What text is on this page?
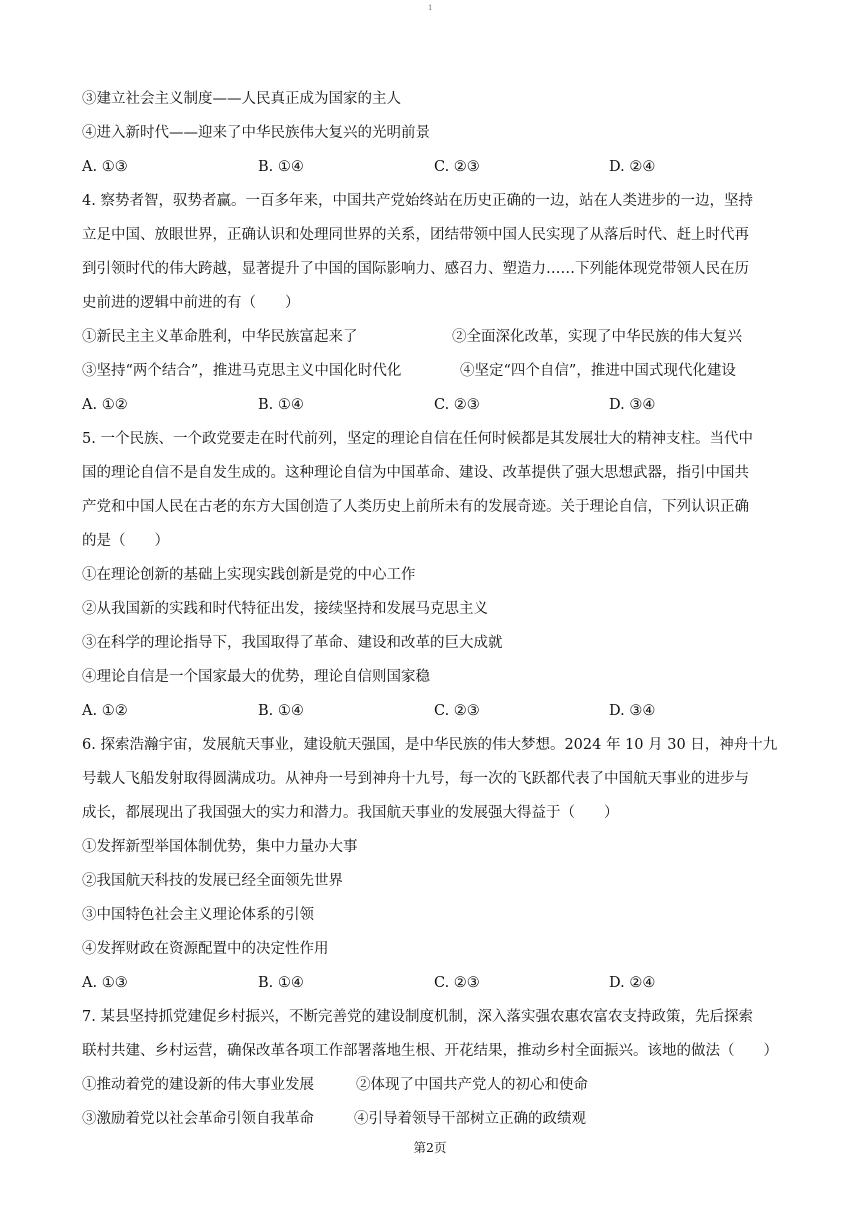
1
③建立社会主义制度——人民真正成为国家的主人
④进入新时代——迎来了中华民族伟大复兴的光明前景
A. ①③	B. ①④	C. ②③	D. ②④
4. 察势者智，驭势者赢。一百多年来，中国共产党始终站在历史正确的一边，站在人类进步的一边，坚持
立足中国、放眼世界，正确认识和处理同世界的关系，团结带领中国人民实现了从落后时代、赶上时代再
到引领时代的伟大跨越，显著提升了中国的国际影响力、感召力、塑造力……下列能体现党带领人民在历
史前进的逻辑中前进的有（　　）
①新民主主义革命胜利，中华民族富起来了	②全面深化改革，实现了中华民族的伟大复兴
③坚持“两个结合”，推进马克思主义中国化时代化	④坚定“四个自信”，推进中国式现代化建设
A. ①②	B. ①④	C. ②③	D. ③④
5. 一个民族、一个政党要走在时代前列，坚定的理论自信在任何时候都是其发展壮大的精神支柱。当代中
国的理论自信不是自发生成的。这种理论自信为中国革命、建设、改革提供了强大思想武器，指引中国共
产党和中国人民在古老的东方大国创造了人类历史上前所未有的发展奇迹。关于理论自信，下列认识正确
的是（　　）
①在理论创新的基础上实现实践创新是党的中心工作
②从我国新的实践和时代特征出发，接续坚持和发展马克思主义
③在科学的理论指导下，我国取得了革命、建设和改革的巨大成就
④理论自信是一个国家最大的优势，理论自信则国家稳
A. ①②	B. ①④	C. ②③	D. ③④
6. 探索浩瀚宇宙，发展航天事业，建设航天强国，是中华民族的伟大梦想。2024 年 10 月 30 日，神舟十九
号载人飞船发射取得圆满成功。从神舟一号到神舟十九号，每一次的飞跃都代表了中国航天事业的进步与
成长，都展现出了我国强大的实力和潜力。我国航天事业的发展强大得益于（　　）
①发挥新型举国体制优势，集中力量办大事
②我国航天科技的发展已经全面领先世界
③中国特色社会主义理论体系的引领
④发挥财政在资源配置中的决定性作用
A. ①③	B. ①④	C. ②③	D. ②④
7. 某县坚持抓党建促乡村振兴，不断完善党的建设制度机制，深入落实强农惠农富农支持政策，先后探索
联村共建、乡村运营，确保改革各项工作部署落地生根、开花结果，推动乡村全面振兴。该地的做法（　　）
①推动着党的建设新的伟大事业发展	②体现了中国共产党人的初心和使命
③激励着党以社会革命引领自我革命	④引导着领导干部树立正确的政绩观
第2页
